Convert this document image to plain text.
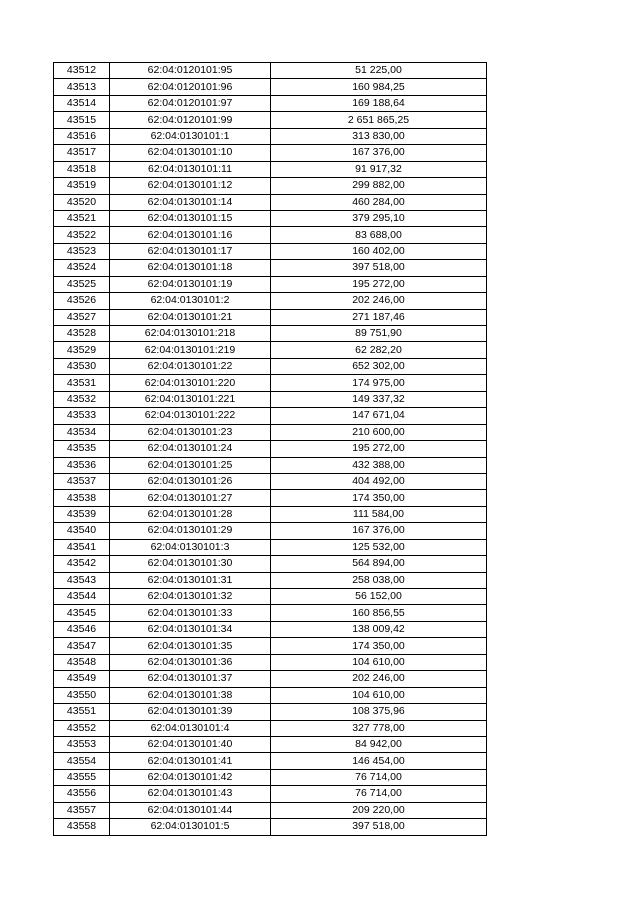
43512	62:04:0120101:95	51 225,00
43513	62:04:0120101:96	160 984,25
43514	62:04:0120101:97	169 188,64
43515	62:04:0120101:99	2 651 865,25
43516	62:04:0130101:1	313 830,00
43517	62:04:0130101:10	167 376,00
43518	62:04:0130101:11	91 917,32
43519	62:04:0130101:12	299 882,00
43520	62:04:0130101:14	460 284,00
43521	62:04:0130101:15	379 295,10
43522	62:04:0130101:16	83 688,00
43523	62:04:0130101:17	160 402,00
43524	62:04:0130101:18	397 518,00
43525	62:04:0130101:19	195 272,00
43526	62:04:0130101:2	202 246,00
43527	62:04:0130101:21	271 187,46
43528	62:04:0130101:218	89 751,90
43529	62:04:0130101:219	62 282,20
43530	62:04:0130101:22	652 302,00
43531	62:04:0130101:220	174 975,00
43532	62:04:0130101:221	149 337,32
43533	62:04:0130101:222	147 671,04
43534	62:04:0130101:23	210 600,00
43535	62:04:0130101:24	195 272,00
43536	62:04:0130101:25	432 388,00
43537	62:04:0130101:26	404 492,00
43538	62:04:0130101:27	174 350,00
43539	62:04:0130101:28	111 584,00
43540	62:04:0130101:29	167 376,00
43541	62:04:0130101:3	125 532,00
43542	62:04:0130101:30	564 894,00
43543	62:04:0130101:31	258 038,00
43544	62:04:0130101:32	56 152,00
43545	62:04:0130101:33	160 856,55
43546	62:04:0130101:34	138 009,42
43547	62:04:0130101:35	174 350,00
43548	62:04:0130101:36	104 610,00
43549	62:04:0130101:37	202 246,00
43550	62:04:0130101:38	104 610,00
43551	62:04:0130101:39	108 375,96
43552	62:04:0130101:4	327 778,00
43553	62:04:0130101:40	84 942,00
43554	62:04:0130101:41	146 454,00
43555	62:04:0130101:42	76 714,00
43556	62:04:0130101:43	76 714,00
43557	62:04:0130101:44	209 220,00
43558	62:04:0130101:5	397 518,00
